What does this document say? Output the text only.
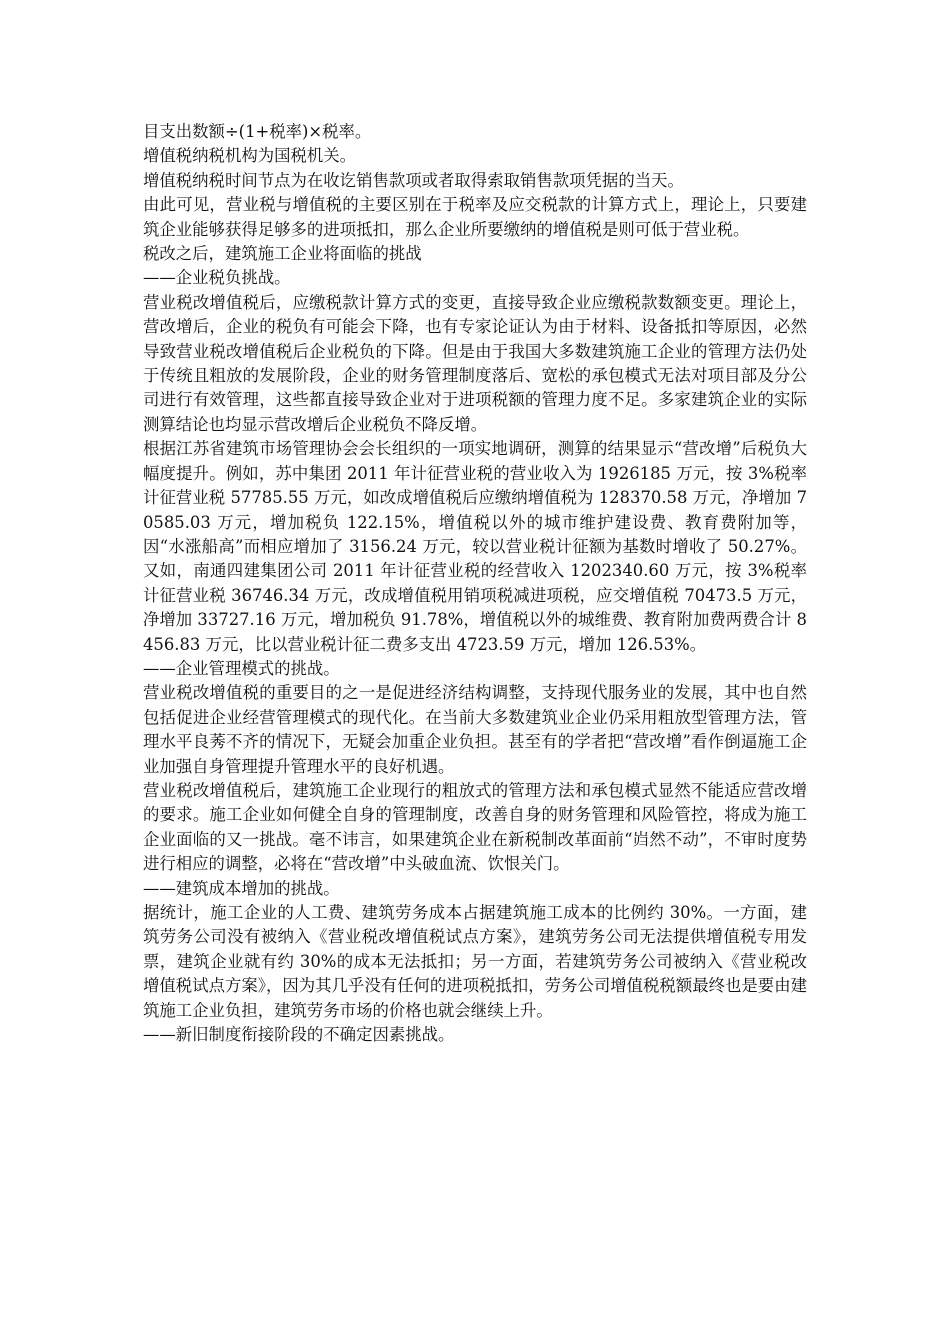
目支出数额÷(1+税率)×税率。

增值税纳税机构为国税机关。

增值税纳税时间节点为在收讫销售款项或者取得索取销售款项凭据的当天。

由此可见，营业税与增值税的主要区别在于税率及应交税款的计算方式上，理论上，只要建筑企业能够获得足够多的进项抵扣，那么企业所要缴纳的增值税是则可低于营业税。

税改之后，建筑施工企业将面临的挑战

——企业税负挑战。

营业税改增值税后，应缴税款计算方式的变更，直接导致企业应缴税款数额变更。理论上，营改增后，企业的税负有可能会下降，也有专家论证认为由于材料、设备抵扣等原因，必然导致营业税改增值税后企业税负的下降。但是由于我国大多数建筑施工企业的管理方法仍处于传统且粗放的发展阶段，企业的财务管理制度落后、宽松的承包模式无法对项目部及分公司进行有效管理，这些都直接导致企业对于进项税额的管理力度不足。多家建筑企业的实际测算结论也均显示营改增后企业税负不降反增。

根据江苏省建筑市场管理协会会长组织的一项实地调研，测算的结果显示“营改增”后税负大幅度提升。例如，苏中集团 2011 年计征营业税的营业收入为 1926185 万元，按 3%税率计征营业税 57785.55 万元，如改成增值税后应缴纳增值税为 128370.58 万元，净增加 70585.03 万元，增加税负 122.15%，增值税以外的城市维护建设费、教育费附加等，因“水涨船高”而相应增加了 3156.24 万元，较以营业税计征额为基数时增收了 50.27%。又如，南通四建集团公司 2011 年计征营业税的经营收入 1202340.60 万元，按 3%税率计征营业税 36746.34 万元，改成增值税用销项税减进项税，应交增值税 70473.5 万元，净增加 33727.16 万元，增加税负 91.78%，增值税以外的城维费、教育附加费两费合计 8456.83 万元，比以营业税计征二费多支出 4723.59 万元，增加 126.53%。

——企业管理模式的挑战。

营业税改增值税的重要目的之一是促进经济结构调整，支持现代服务业的发展，其中也自然包括促进企业经营管理模式的现代化。在当前大多数建筑业企业仍采用粗放型管理方法，管理水平良莠不齐的情况下，无疑会加重企业负担。甚至有的学者把“营改增”看作倒逼施工企业加强自身管理提升管理水平的良好机遇。

营业税改增值税后，建筑施工企业现行的粗放式的管理方法和承包模式显然不能适应营改增的要求。施工企业如何健全自身的管理制度，改善自身的财务管理和风险管控，将成为施工企业面临的又一挑战。毫不讳言，如果建筑企业在新税制改革面前“岿然不动”，不审时度势进行相应的调整，必将在“营改增”中头破血流、饮恨关门。

——建筑成本增加的挑战。

据统计，施工企业的人工费、建筑劳务成本占据建筑施工成本的比例约 30%。一方面，建筑劳务公司没有被纳入《营业税改增值税试点方案》，建筑劳务公司无法提供增值税专用发票，建筑企业就有约 30%的成本无法抵扣；另一方面，若建筑劳务公司被纳入《营业税改增值税试点方案》，因为其几乎没有任何的进项税抵扣，劳务公司增值税税额最终也是要由建筑施工企业负担，建筑劳务市场的价格也就会继续上升。

——新旧制度衔接阶段的不确定因素挑战。
